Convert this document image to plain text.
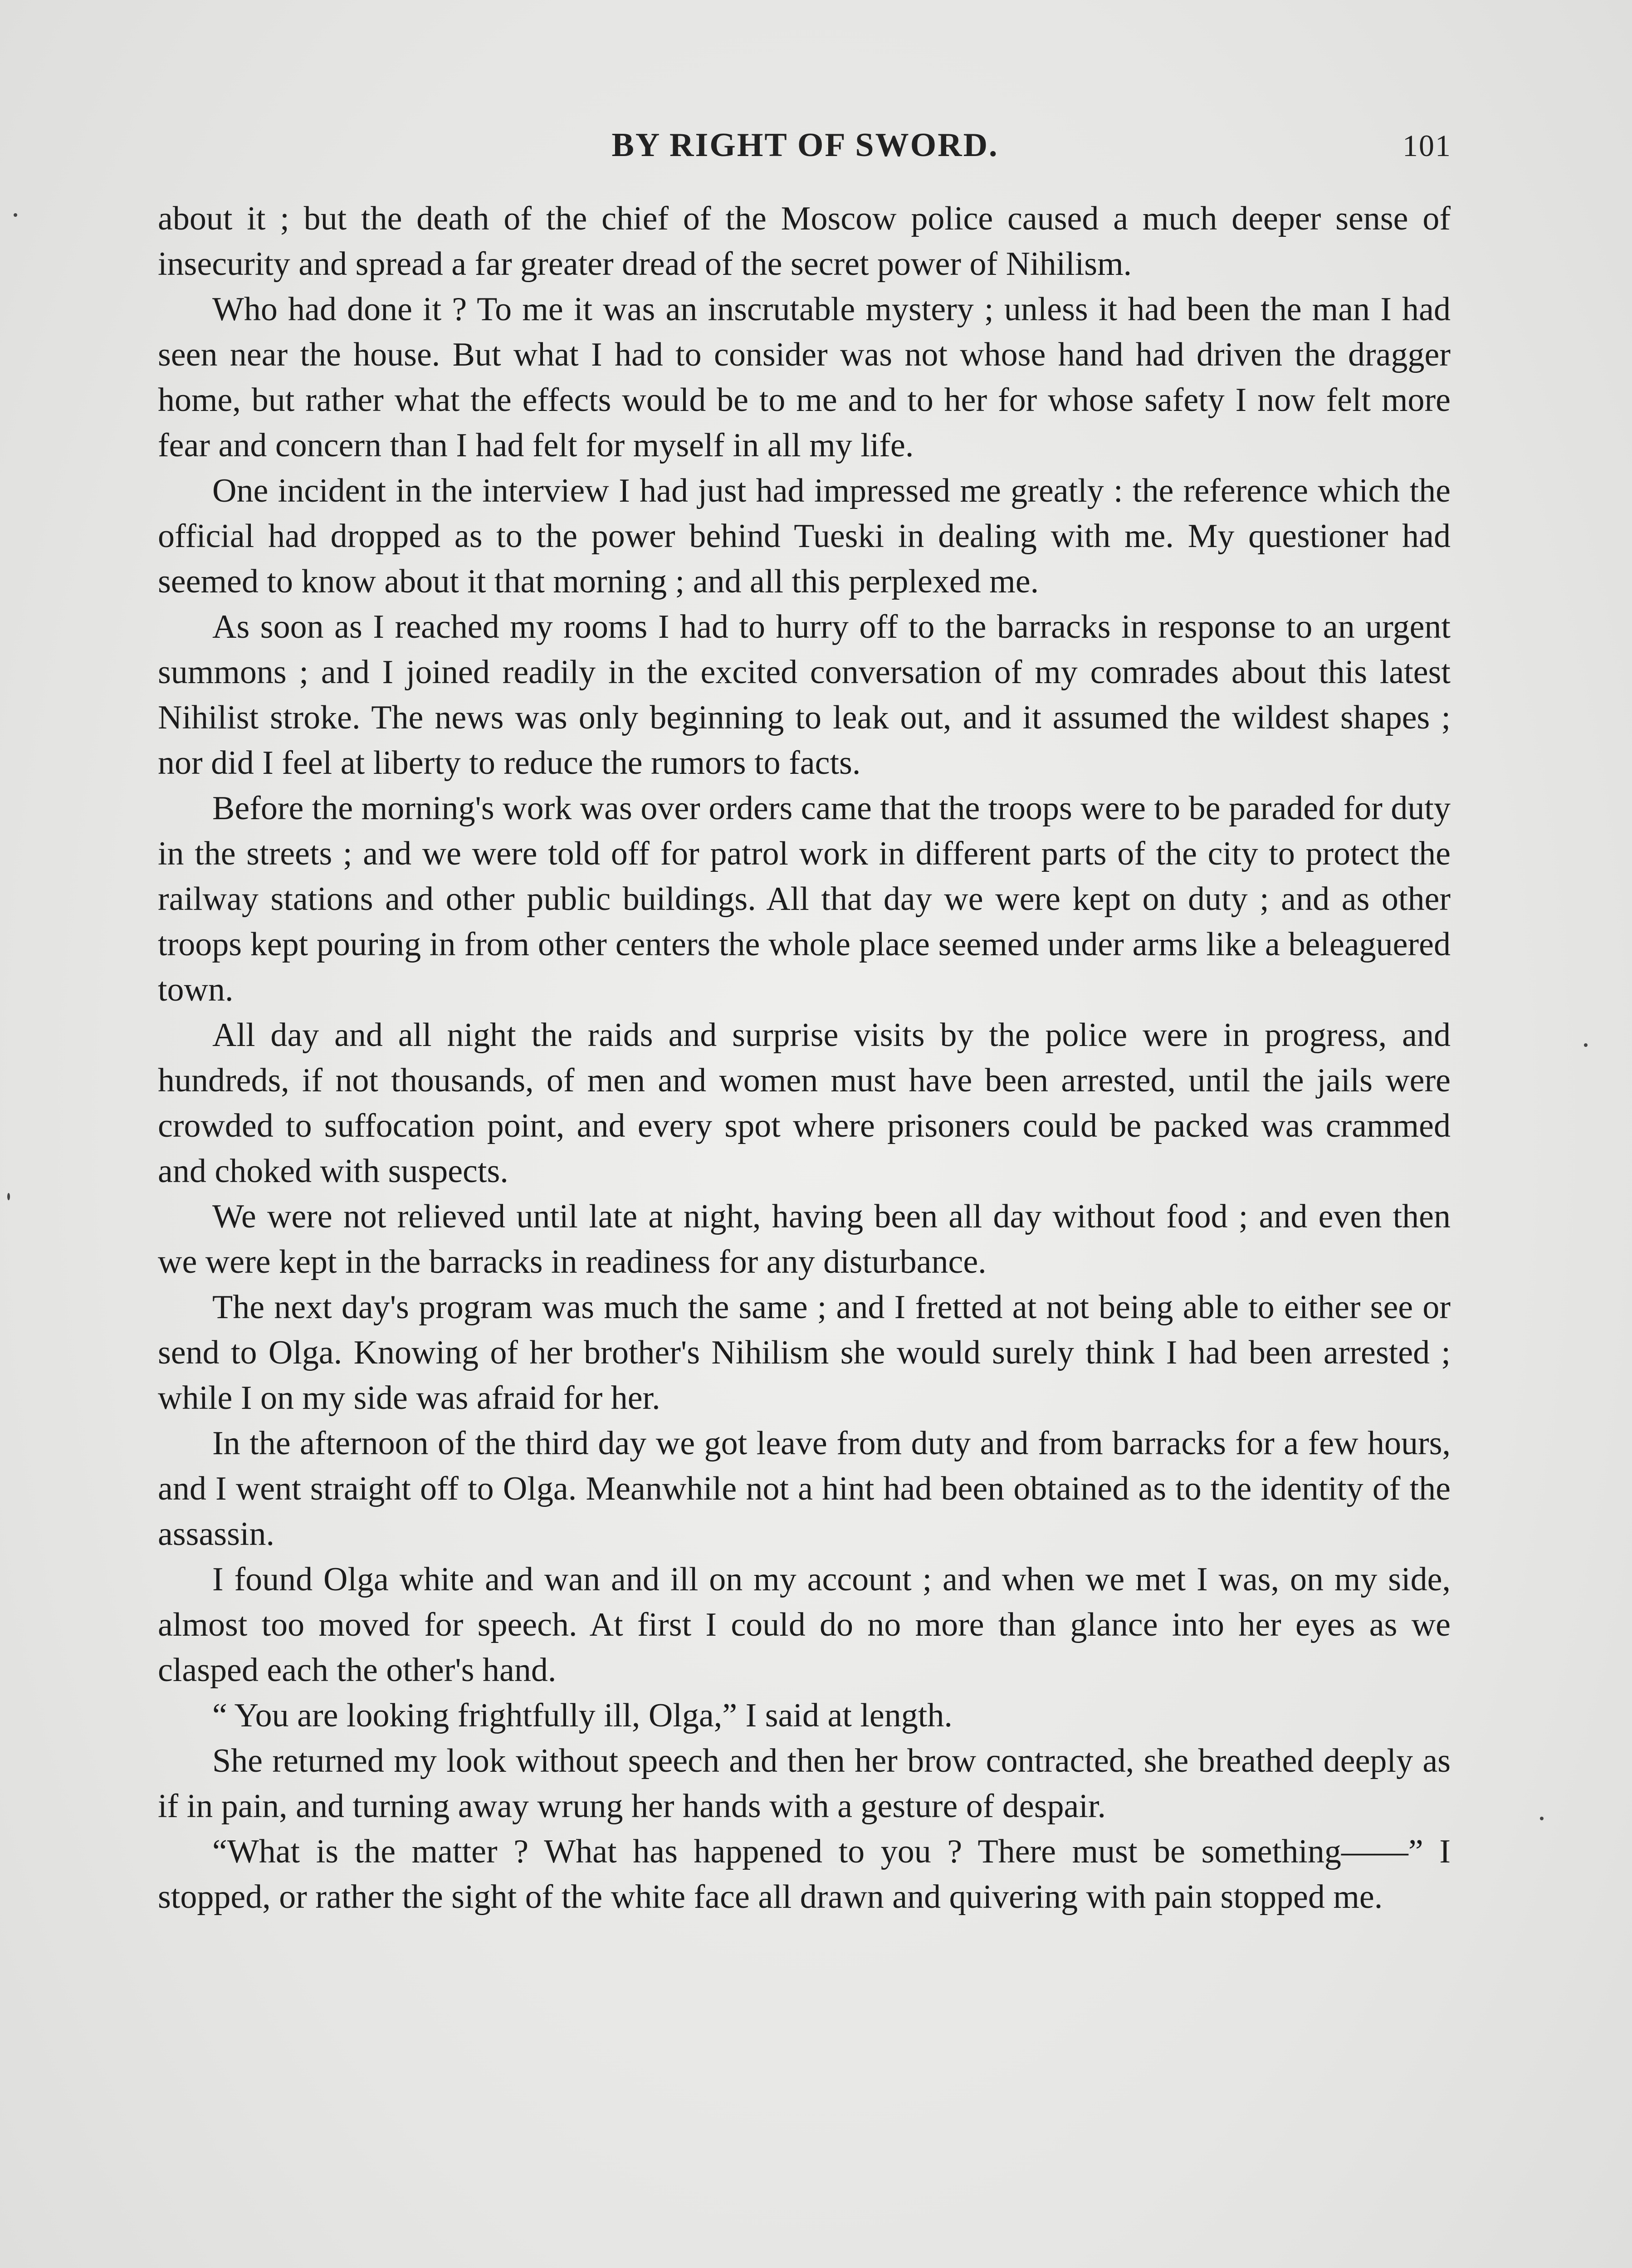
BY RIGHT OF SWORD.	101

about it ; but the death of the chief of the Moscow police caused a much deeper sense of insecurity and spread a far greater dread of the secret power of Nihilism.

Who had done it ? To me it was an inscrutable mystery ; unless it had been the man I had seen near the house. But what I had to consider was not whose hand had driven the dragger home, but rather what the effects would be to me and to her for whose safety I now felt more fear and concern than I had felt for myself in all my life.

One incident in the interview I had just had impressed me greatly : the reference which the official had dropped as to the power behind Tueski in dealing with me. My questioner had seemed to know about it that morning ; and all this perplexed me.

As soon as I reached my rooms I had to hurry off to the barracks in response to an urgent summons ; and I joined readily in the excited conversation of my comrades about this latest Nihilist stroke. The news was only beginning to leak out, and it assumed the wildest shapes ; nor did I feel at liberty to reduce the rumors to facts.

Before the morning's work was over orders came that the troops were to be paraded for duty in the streets ; and we were told off for patrol work in different parts of the city to protect the railway stations and other public buildings. All that day we were kept on duty ; and as other troops kept pouring in from other centers the whole place seemed under arms like a beleaguered town.

All day and all night the raids and surprise visits by the police were in progress, and hundreds, if not thousands, of men and women must have been arrested, until the jails were crowded to suffocation point, and every spot where prisoners could be packed was crammed and choked with suspects.

We were not relieved until late at night, having been all day without food ; and even then we were kept in the barracks in readiness for any disturbance.

The next day's program was much the same ; and I fretted at not being able to either see or send to Olga. Knowing of her brother's Nihilism she would surely think I had been arrested ; while I on my side was afraid for her.

In the afternoon of the third day we got leave from duty and from barracks for a few hours, and I went straight off to Olga. Meanwhile not a hint had been obtained as to the identity of the assassin.

I found Olga white and wan and ill on my account ; and when we met I was, on my side, almost too moved for speech. At first I could do no more than glance into her eyes as we clasped each the other's hand.

“ You are looking frightfully ill, Olga,” I said at length.

She returned my look without speech and then her brow contracted, she breathed deeply as if in pain, and turning away wrung her hands with a gesture of despair.

“What is the matter ? What has happened to you ? There must be something——” I stopped, or rather the sight of the white face all drawn and quivering with pain stopped me.
